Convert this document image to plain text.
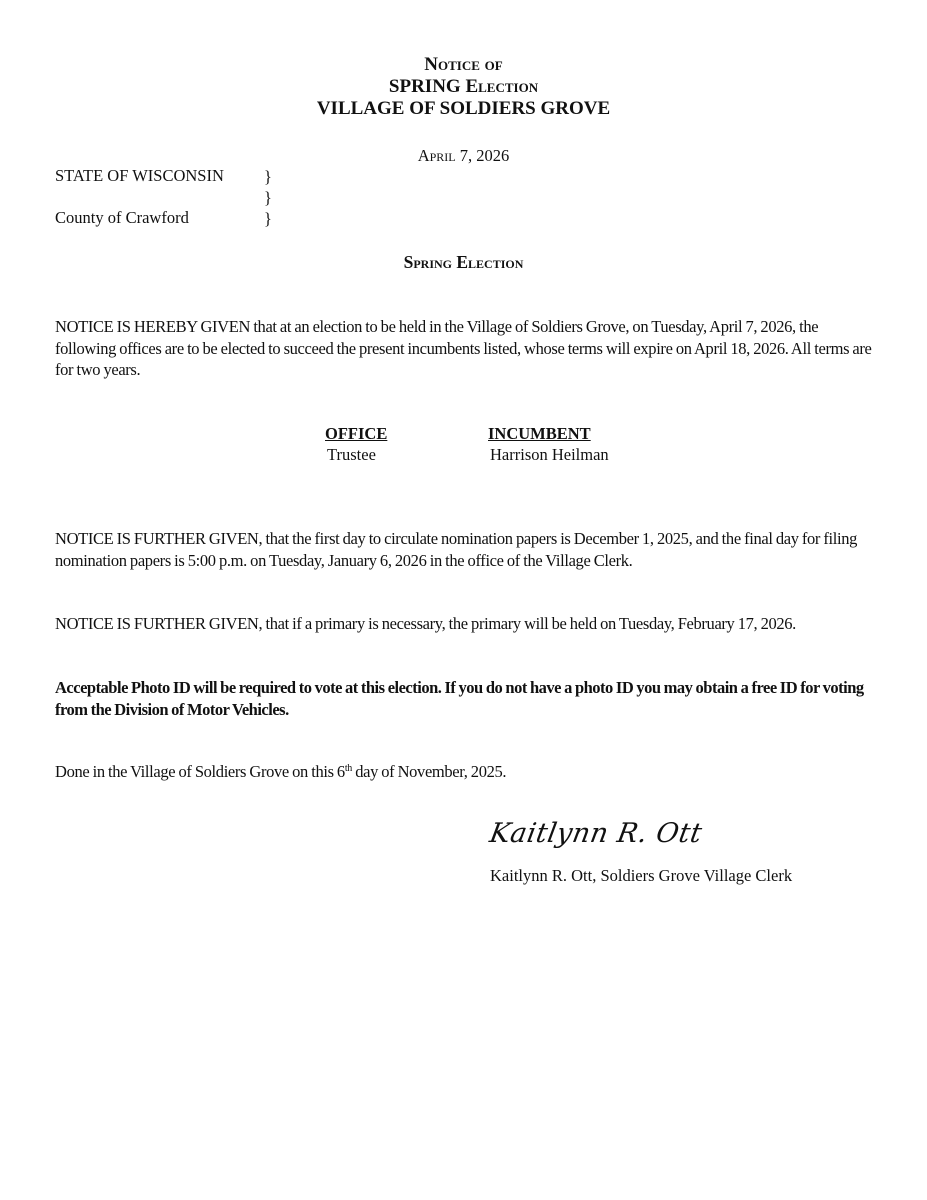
Notice of
SPRING Election
VILLAGE OF SOLDIERS GROVE
April 7, 2026
STATE OF WISCONSIN
County of Crawford
}
}
}
Spring Election
NOTICE IS HEREBY GIVEN that at an election to be held in the Village of Soldiers Grove, on Tuesday, April 7, 2026, the following offices are to be elected to succeed the present incumbents listed, whose terms will expire on April 18, 2026. All terms are for two years.
OFFICE	INCUMBENT
Trustee	Harrison Heilman
NOTICE IS FURTHER GIVEN, that the first day to circulate nomination papers is December 1, 2025, and the final day for filing nomination papers is 5:00 p.m. on Tuesday, January 6, 2026 in the office of the Village Clerk.
NOTICE IS FURTHER GIVEN, that if a primary is necessary, the primary will be held on Tuesday, February 17, 2026.
Acceptable Photo ID will be required to vote at this election. If you do not have a photo ID you may obtain a free ID for voting from the Division of Motor Vehicles.
Done in the Village of Soldiers Grove on this 6th day of November, 2025.
Kaitlynn R. Ott
Kaitlynn R. Ott, Soldiers Grove Village Clerk
